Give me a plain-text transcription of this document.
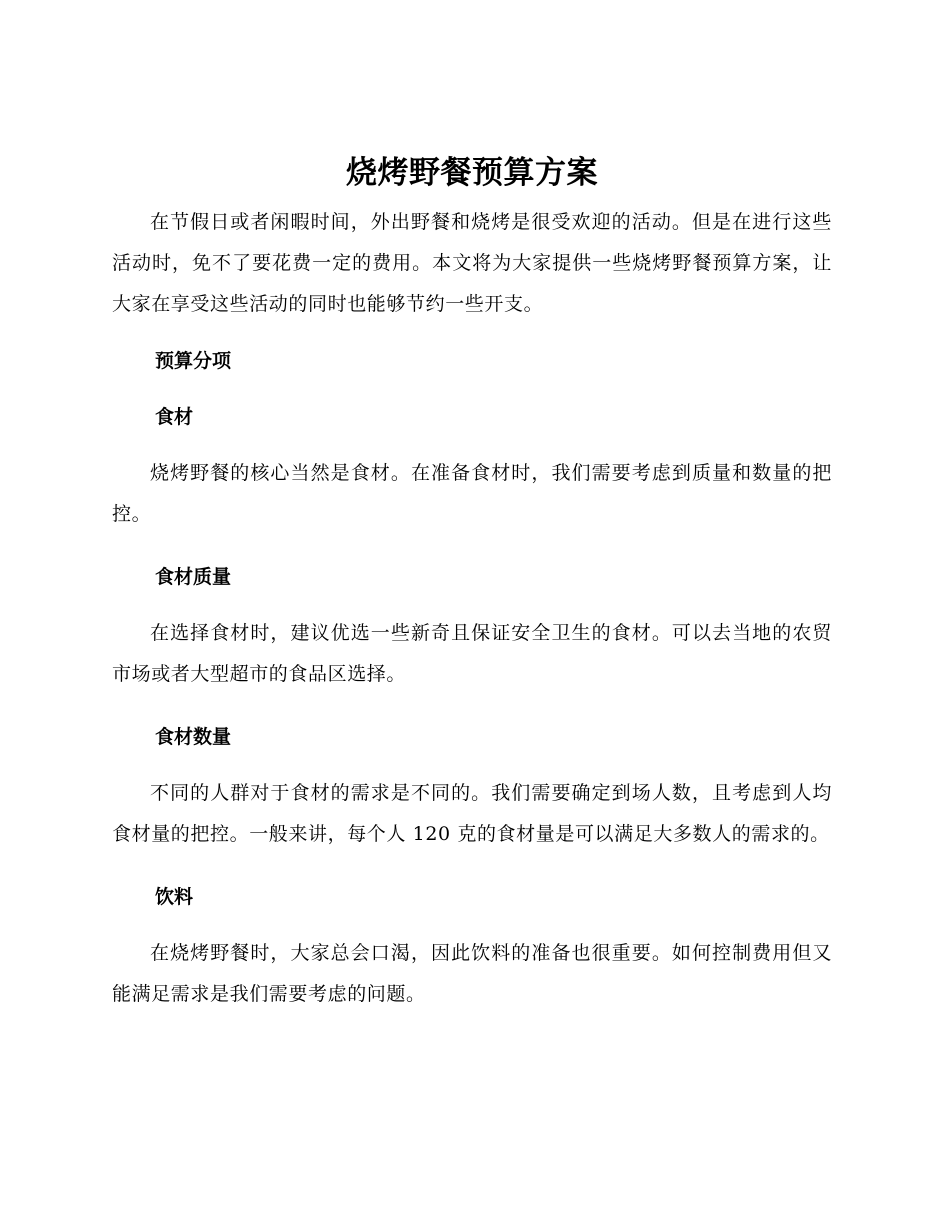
烧烤野餐预算方案

在节假日或者闲暇时间，外出野餐和烧烤是很受欢迎的活动。但是在进行这些活动时，免不了要花费一定的费用。本文将为大家提供一些烧烤野餐预算方案，让大家在享受这些活动的同时也能够节约一些开支。

预算分项
食材

烧烤野餐的核心当然是食材。在准备食材时，我们需要考虑到质量和数量的把控。

食材质量

在选择食材时，建议优选一些新奇且保证安全卫生的食材。可以去当地的农贸市场或者大型超市的食品区选择。

食材数量

不同的人群对于食材的需求是不同的。我们需要确定到场人数，且考虑到人均食材量的把控。一般来讲，每个人 120 克的食材量是可以满足大多数人的需求的。

饮料

在烧烤野餐时，大家总会口渴，因此饮料的准备也很重要。如何控制费用但又能满足需求是我们需要考虑的问题。
